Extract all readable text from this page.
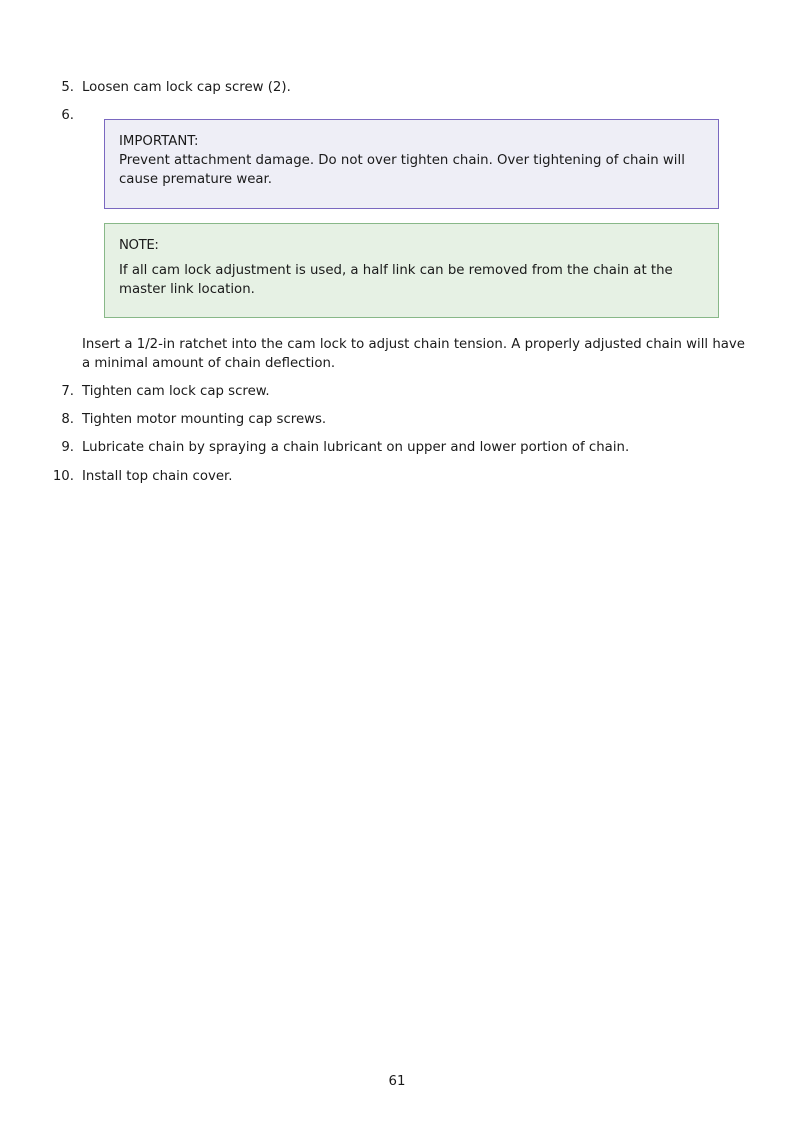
5. Loosen cam lock cap screw (2).
6.
IMPORTANT:
Prevent attachment damage. Do not over tighten chain. Over tightening of chain will cause premature wear.
NOTE:
If all cam lock adjustment is used, a half link can be removed from the chain at the master link location.
Insert a 1/2-in ratchet into the cam lock to adjust chain tension. A properly adjusted chain will have a minimal amount of chain deflection.
7. Tighten cam lock cap screw.
8. Tighten motor mounting cap screws.
9. Lubricate chain by spraying a chain lubricant on upper and lower portion of chain.
10. Install top chain cover.
61
